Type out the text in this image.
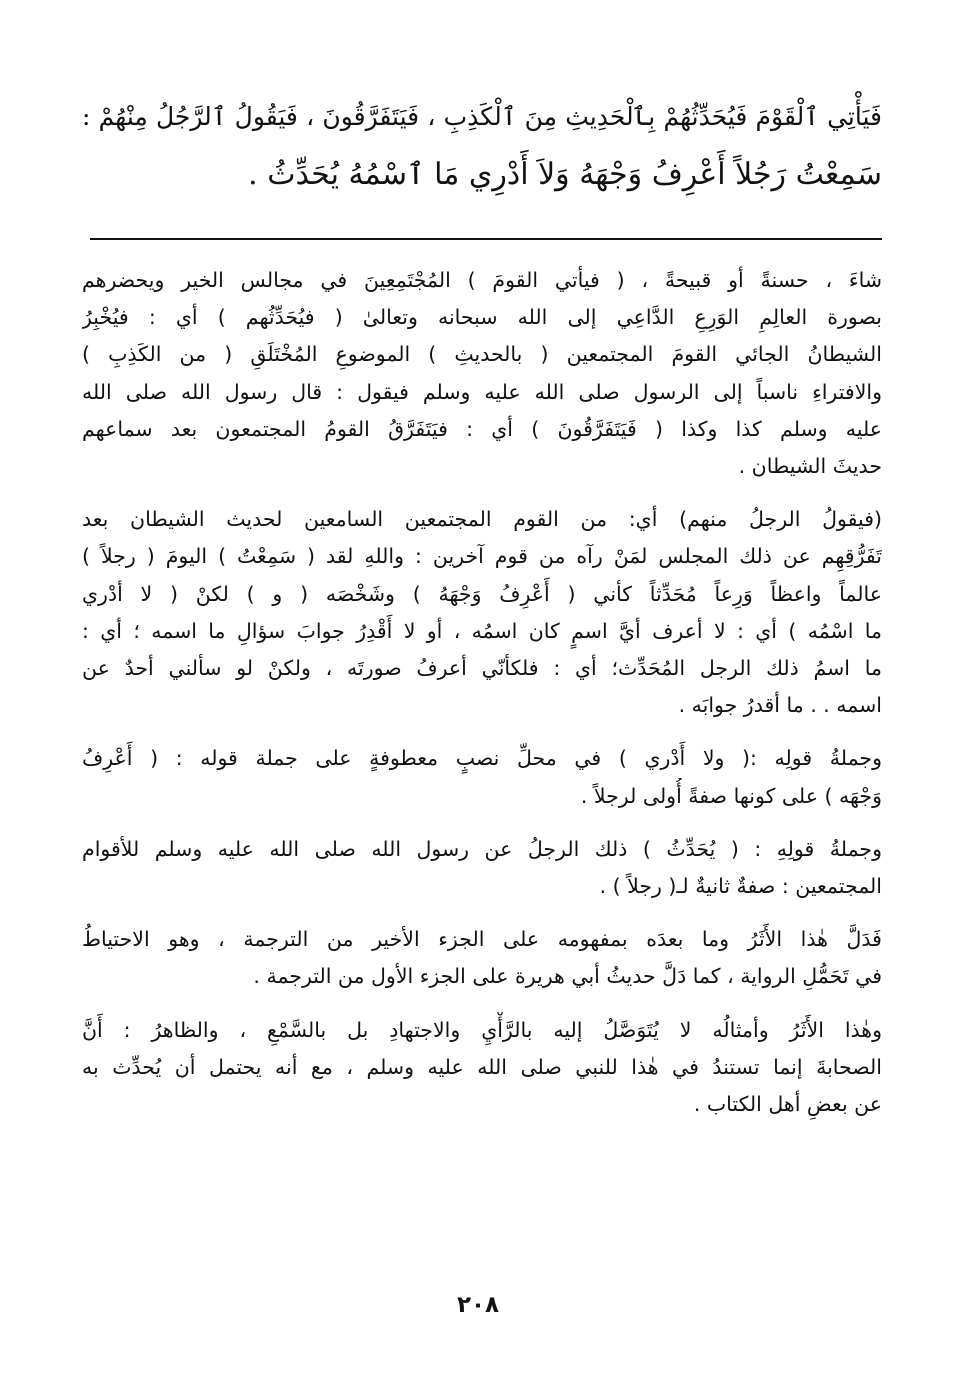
فَيَأْتِي ٱلْقَوْمَ فَيُحَدِّثُهُمْ بِٱلْحَدِيثِ مِنَ ٱلْكَذِبِ ، فَيَتَفَرَّقُونَ ، فَيَقُولُ ٱلرَّجُلُ مِنْهُمْ :
سَمِعْتُ رَجُلاً أَعْرِفُ وَجْهَهُ وَلاَ أَدْرِي مَا ٱسْمُهُ يُحَدِّثُ .

شاءَ ، حسنةً أو قبيحةً ، ( فيأتي القومَ ) المُجْتَمِعِينَ في مجالس الخير ويحضرهم
بصورة العالِمِ الوَرِعِ الدَّاعِي إلى الله سبحانه وتعالىٰ ( فيُحَدِّثُهم ) أي : فيُخْبِرُ
الشيطانُ الجائي القومَ المجتمعين ( بالحديثِ ) الموضوعِ المُخْتَلَقِ ( من الكَذِبِ )
والافتراءِ ناسباً إلى الرسول صلى الله عليه وسلم فيقول : قال رسول الله صلى الله
عليه وسلم كذا وكذا ( فَيَتَفَرَّقُونَ ) أي : فيَتَفَرَّقُ القومُ المجتمعون بعد سماعهم
حديثَ الشيطان .
(فيقولُ الرجلُ منهم) أي: من القوم المجتمعين السامعين لحديث الشيطان بعد
تَفَرُّقِهِم عن ذلك المجلس لمَنْ رآه من قوم آخرين : واللهِ لقد ( سَمِعْتُ ) اليومَ ( رجلاً )
عالماً واعظاً وَرِعاً مُحَدِّثاً كأني ( أَعْرِفُ وَجْهَهُ ) وشَخْصَه ( و ) لكنْ ( لا أدْري
ما اسْمُه ) أي : لا أعرف أيَّ اسمٍ كان اسمُه ، أو لا أَقْدِرُ جوابَ سؤالِ ما اسمه ؛ أي :
ما اسمُ ذلك الرجل المُحَدِّث؛ أي : فلكأنّي أعرفُ صورتَه ، ولكنْ لو سألني أحدٌ عن
اسمه . . ما أقدرُ جوابَه .
وجملةُ قولِه :( ولا أَدْري ) في محلِّ نصبٍ معطوفةٍ على جملة قوله : ( أَعْرِفُ
وَجْهَه ) على كونها صفةً أُولى لرجلاً .
وجملةُ قولِهِ : ( يُحَدِّثُ ) ذلك الرجلُ عن رسول الله صلى الله عليه وسلم للأقوام
المجتمعين : صفةٌ ثانيةٌ لـ( رجلاً ) .
فَدَلَّ هٰذا الأَثَرُ وما بعدَه بمفهومه على الجزء الأخير من الترجمة ، وهو الاحتياطُ
في تَحَمُّلِ الرواية ، كما دَلَّ حديثُ أبي هريرة على الجزء الأول من الترجمة .
وهٰذا الأَثَرُ وأمثالُه لا يُتَوَصَّلُ إليه بالرَّأْيِ والاجتهادِ بل بالسَّمْعِ ، والظاهرُ : أَنَّ
الصحابةَ إنما تستندُ في هٰذا للنبي صلى الله عليه وسلم ، مع أنه يحتمل أن يُحدِّث به
عن بعضِ أهل الكتاب .
٢٠٨
